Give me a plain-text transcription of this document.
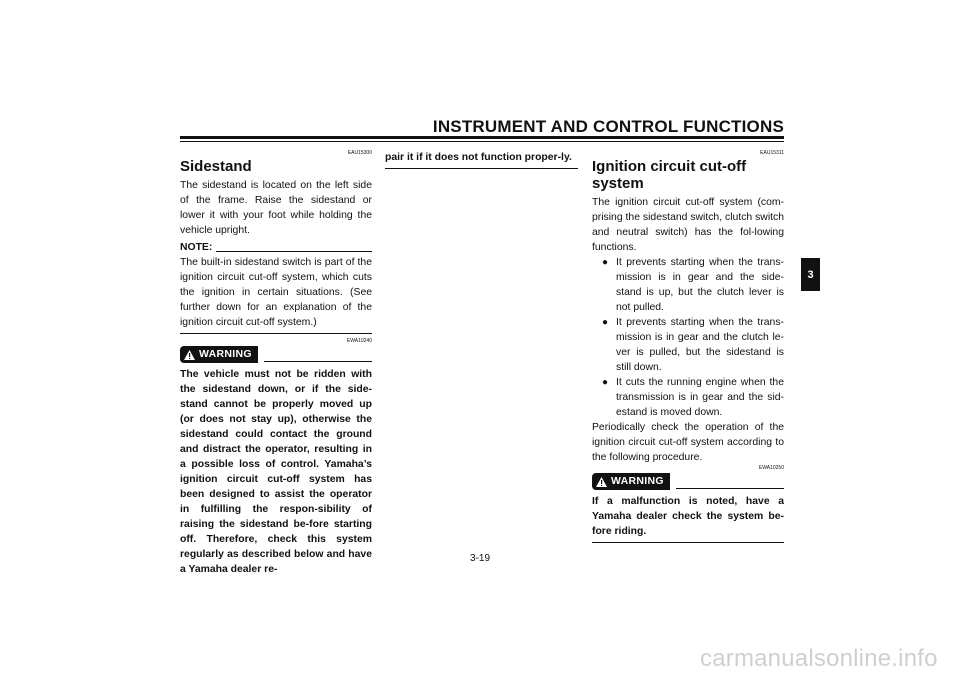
INSTRUMENT AND CONTROL FUNCTIONS
3
EAU15300
Sidestand
The sidestand is located on the left side of the frame. Raise the sidestand or lower it with your foot while holding the vehicle upright.
NOTE:
The built-in sidestand switch is part of the ignition circuit cut-off system, which cuts the ignition in certain situations. (See further down for an explanation of the ignition circuit cut-off system.)
EWA10240
WARNING
The vehicle must not be ridden with the sidestand down, or if the side-stand cannot be properly moved up (or does not stay up), otherwise the sidestand could contact the ground and distract the operator, resulting in a possible loss of control. Yamaha’s ignition circuit cut-off system has been designed to assist the operator in fulfilling the respon-sibility of raising the sidestand be-fore starting off. Therefore, check this system regularly as described below and have a Yamaha dealer re-
pair it if it does not function proper-ly.	EAU15311
Ignition circuit cut-off system
The ignition circuit cut-off system (com-prising the sidestand switch, clutch switch and neutral switch) has the fol-lowing functions.
● It prevents starting when the trans-mission is in gear and the side-stand is up, but the clutch lever is not pulled.
● It prevents starting when the trans-mission is in gear and the clutch le-ver is pulled, but the sidestand is still down.
● It cuts the running engine when the transmission is in gear and the sid-estand is moved down.
Periodically check the operation of the ignition circuit cut-off system according to the following procedure.
EWA10250
WARNING
If a malfunction is noted, have a Yamaha dealer check the system be-fore riding.
3-19
carmanualsonline.info
